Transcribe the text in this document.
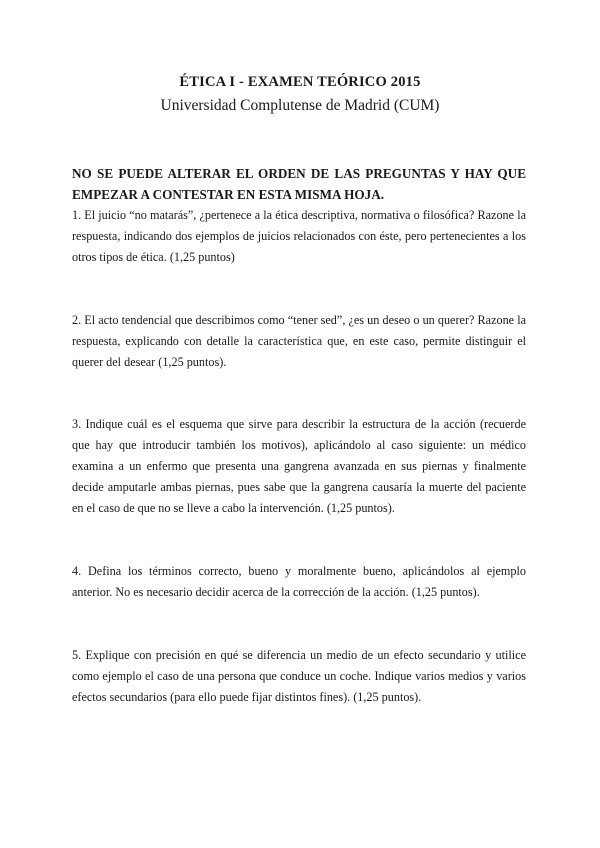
ÉTICA I - EXAMEN TEÓRICO 2015
Universidad Complutense de Madrid (CUM)
NO SE PUEDE ALTERAR EL ORDEN DE LAS PREGUNTAS Y HAY QUE
EMPEZAR A CONTESTAR EN ESTA MISMA HOJA.
1. El juicio “no matarás”, ¿pertenece a la ética descriptiva, normativa o filosófica? Razone la respuesta, indicando dos ejemplos de juicios relacionados con éste, pero pertenecientes a los otros tipos de ética. (1,25 puntos)
2. El acto tendencial que describimos como “tener sed”, ¿es un deseo o un querer? Razone la respuesta, explicando con detalle la característica que, en este caso, permite distinguir el querer del desear (1,25 puntos).
3. Indique cuál es el esquema que sirve para describir la estructura de la acción (recuerde que hay que introducir también los motivos), aplicándolo al caso siguiente: un médico examina a un enfermo que presenta una gangrena avanzada en sus piernas y finalmente decide amputarle ambas piernas, pues sabe que la gangrena causaría la muerte del paciente en el caso de que no se lleve a cabo la intervención. (1,25 puntos).
4. Defina los términos correcto, bueno y moralmente bueno, aplicándolos al ejemplo anterior. No es necesario decidir acerca de la corrección de la acción. (1,25 puntos).
5. Explique con precisión en qué se diferencia un medio de un efecto secundario y utilice como ejemplo el caso de una persona que conduce un coche. Indique varios medios y varios efectos secundarios (para ello puede fijar distintos fines). (1,25 puntos).
